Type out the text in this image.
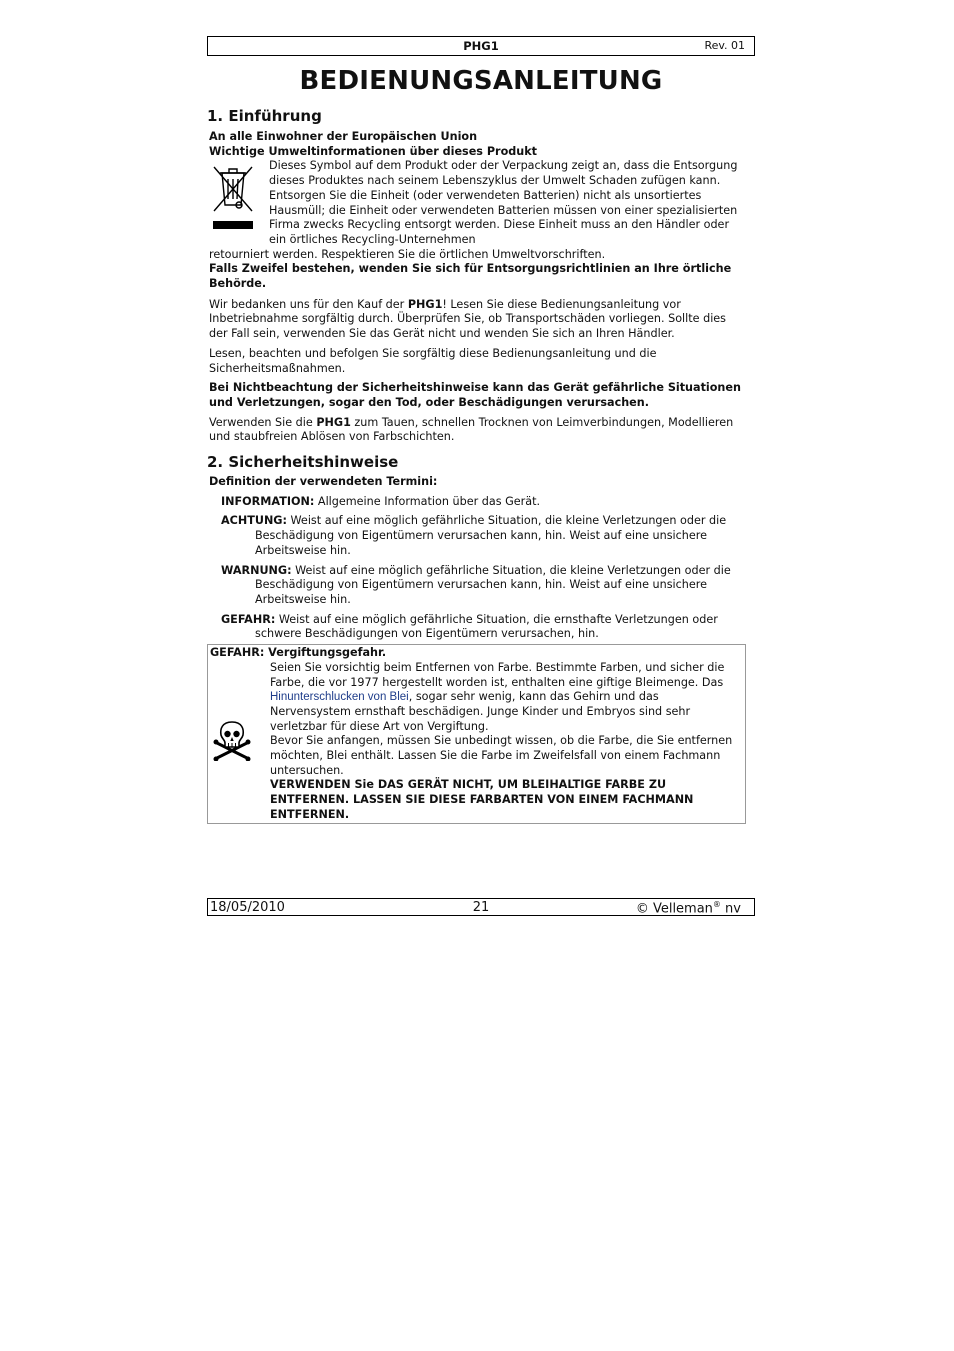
PHG1	Rev. 01
BEDIENUNGSANLEITUNG
1. Einführung

An alle Einwohner der Europäischen Union

Wichtige Umweltinformationen über dieses Produkt

Dieses Symbol auf dem Produkt oder der Verpackung zeigt an, dass die Entsorgung dieses Produktes nach seinem Lebenszyklus der Umwelt Schaden zufügen kann. Entsorgen Sie die Einheit (oder verwendeten Batterien) nicht als unsortiertes Hausmüll; die Einheit oder verwendeten Batterien müssen von einer spezialisierten Firma zwecks Recycling entsorgt werden. Diese Einheit muss an den Händler oder ein örtliches Recycling-Unternehmen

retourniert werden. Respektieren Sie die örtlichen Umweltvorschriften.

Falls Zweifel bestehen, wenden Sie sich für Entsorgungsrichtlinien an Ihre örtliche Behörde.

Wir bedanken uns für den Kauf der PHG1! Lesen Sie diese Bedienungsanleitung vor Inbetriebnahme sorgfältig durch. Überprüfen Sie, ob Transportschäden vorliegen. Sollte dies der Fall sein, verwenden Sie das Gerät nicht und wenden Sie sich an Ihren Händler.

Lesen, beachten und befolgen Sie sorgfältig diese Bedienungsanleitung und die Sicherheitsmaßnahmen.

Bei Nichtbeachtung der Sicherheitshinweise kann das Gerät gefährliche Situationen und Verletzungen, sogar den Tod, oder Beschädigungen verursachen.

Verwenden Sie die PHG1 zum Tauen, schnellen Trocknen von Leimverbindungen, Modellieren und staubfreien Ablösen von Farbschichten.

2. Sicherheitshinweise

Definition der verwendeten Termini:

INFORMATION: Allgemeine Information über das Gerät.

ACHTUNG: Weist auf eine möglich gefährliche Situation, die kleine Verletzungen oder die Beschädigung von Eigentümern verursachen kann, hin. Weist auf eine unsichere Arbeitsweise hin.

WARNUNG: Weist auf eine möglich gefährliche Situation, die kleine Verletzungen oder die Beschädigung von Eigentümern verursachen kann, hin. Weist auf eine unsichere Arbeitsweise hin.

GEFAHR: Weist auf eine möglich gefährliche Situation, die ernsthafte Verletzungen oder schwere Beschädigungen von Eigentümern verursachen, hin.

GEFAHR: Vergiftungsgefahr.

Seien Sie vorsichtig beim Entfernen von Farbe. Bestimmte Farben, und sicher die Farbe, die vor 1977 hergestellt worden ist, enthalten eine giftige Bleimenge. Das Hinunterschlucken von Blei, sogar sehr wenig, kann das Gehirn und das Nervensystem ernsthaft beschädigen. Junge Kinder und Embryos sind sehr verletzbar für diese Art von Vergiftung.

Bevor Sie anfangen, müssen Sie unbedingt wissen, ob die Farbe, die Sie entfernen möchten, Blei enthält. Lassen Sie die Farbe im Zweifelsfall von einem Fachmann untersuchen.

VERWENDEN Sie DAS GERÄT NICHT, UM BLEIHALTIGE FARBE ZU ENTFERNEN. LASSEN SIE DIESE FARBARTEN VON EINEM FACHMANN ENTFERNEN.

18/05/2010	21	© Velleman® nv
